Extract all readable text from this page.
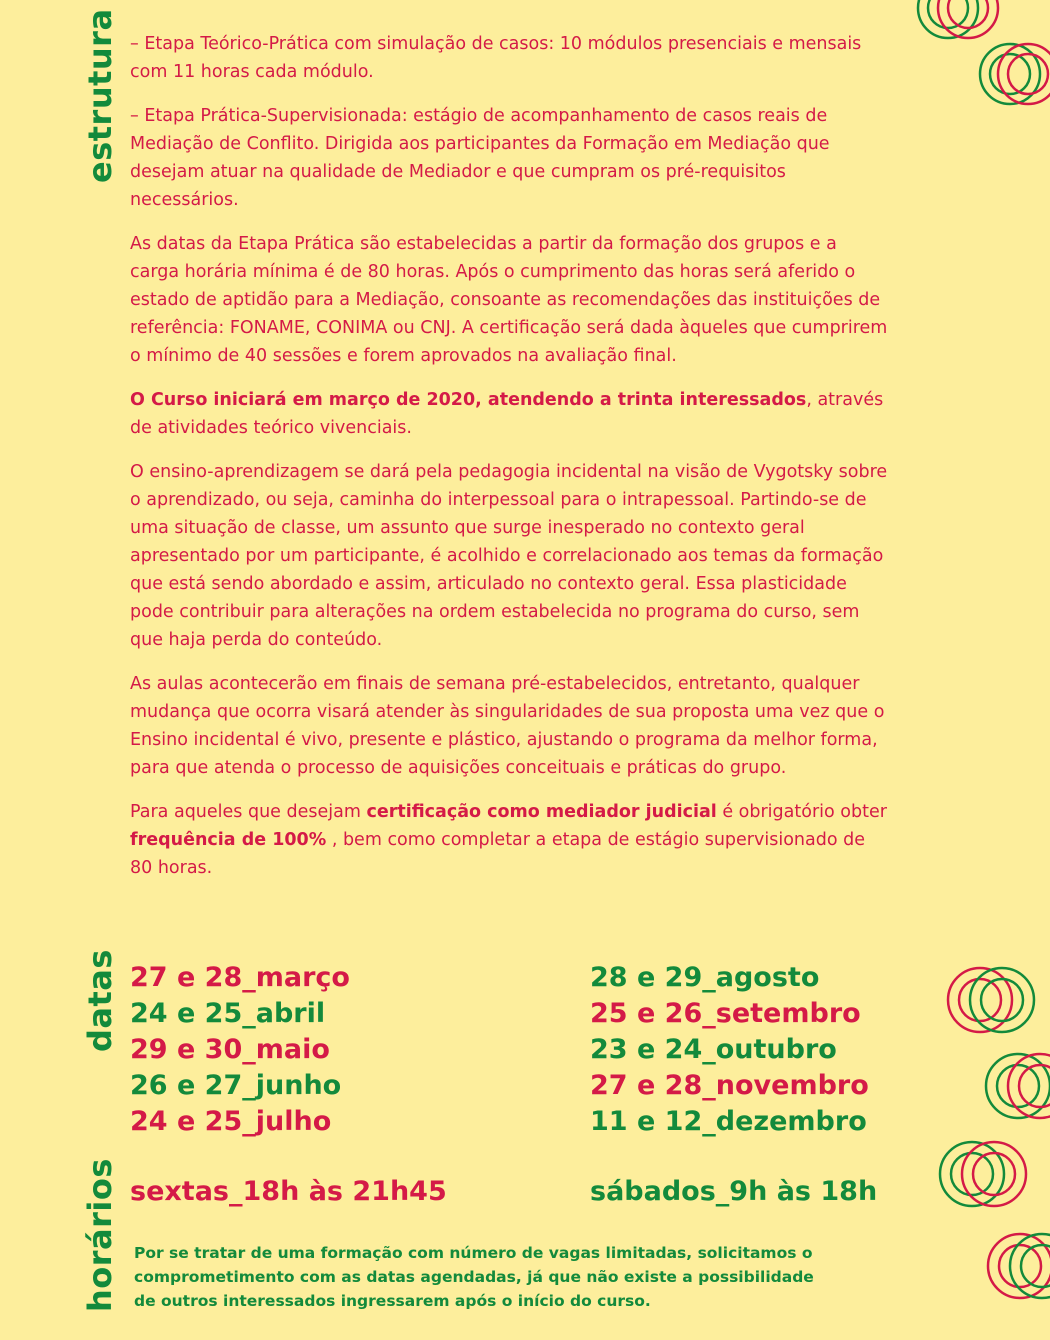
estrutura
datas
horários

– Etapa Teórico-Prática com simulação de casos: 10 módulos presenciais e mensais com 11 horas cada módulo.

– Etapa Prática-Supervisionada: estágio de acompanhamento de casos reais de Mediação de Conflito. Dirigida aos participantes da Formação em Mediação que desejam atuar na qualidade de Mediador e que cumpram os pré-requisitos necessários.

As datas da Etapa Prática são estabelecidas a partir da formação dos grupos e a carga horária mínima é de 80 horas. Após o cumprimento das horas será aferido o estado de aptidão para a Mediação, consoante as recomendações das instituições de referência: FONAME, CONIMA ou CNJ. A certificação será dada àqueles que cumprirem o mínimo de 40 sessões e forem aprovados na avaliação final.

O Curso iniciará em março de 2020, atendendo a trinta interessados, através de atividades teórico vivenciais.

O ensino-aprendizagem se dará pela pedagogia incidental na visão de Vygotsky sobre o aprendizado, ou seja, caminha do interpessoal para o intrapessoal. Partindo-se de uma situação de classe, um assunto que surge inesperado no contexto geral apresentado por um participante, é acolhido e correlacionado aos temas da formação que está sendo abordado e assim, articulado no contexto geral. Essa plasticidade pode contribuir para alterações na ordem estabelecida no programa do curso, sem que haja perda do conteúdo.

As aulas acontecerão em finais de semana pré-estabelecidos, entretanto, qualquer mudança que ocorra visará atender às singularidades de sua proposta uma vez que o Ensino incidental é vivo, presente e plástico, ajustando o programa da melhor forma, para que atenda o processo de aquisições conceituais e práticas do grupo.

Para aqueles que desejam certificação como mediador judicial é obrigatório obter frequência de 100% , bem como completar a etapa de estágio supervisionado de 80 horas.

27 e 28_março
24 e 25_abril
29 e 30_maio
26 e 27_junho
24 e 25_julho
28 e 29_agosto
25 e 26_setembro
23 e 24_outubro
27 e 28_novembro
11 e 12_dezembro
sextas_18h às 21h45	sábados_9h às 18h
Por se tratar de uma formação com número de vagas limitadas, solicitamos o comprometimento com as datas agendadas, já que não existe a possibilidade de outros interessados ingressarem após o início do curso.
